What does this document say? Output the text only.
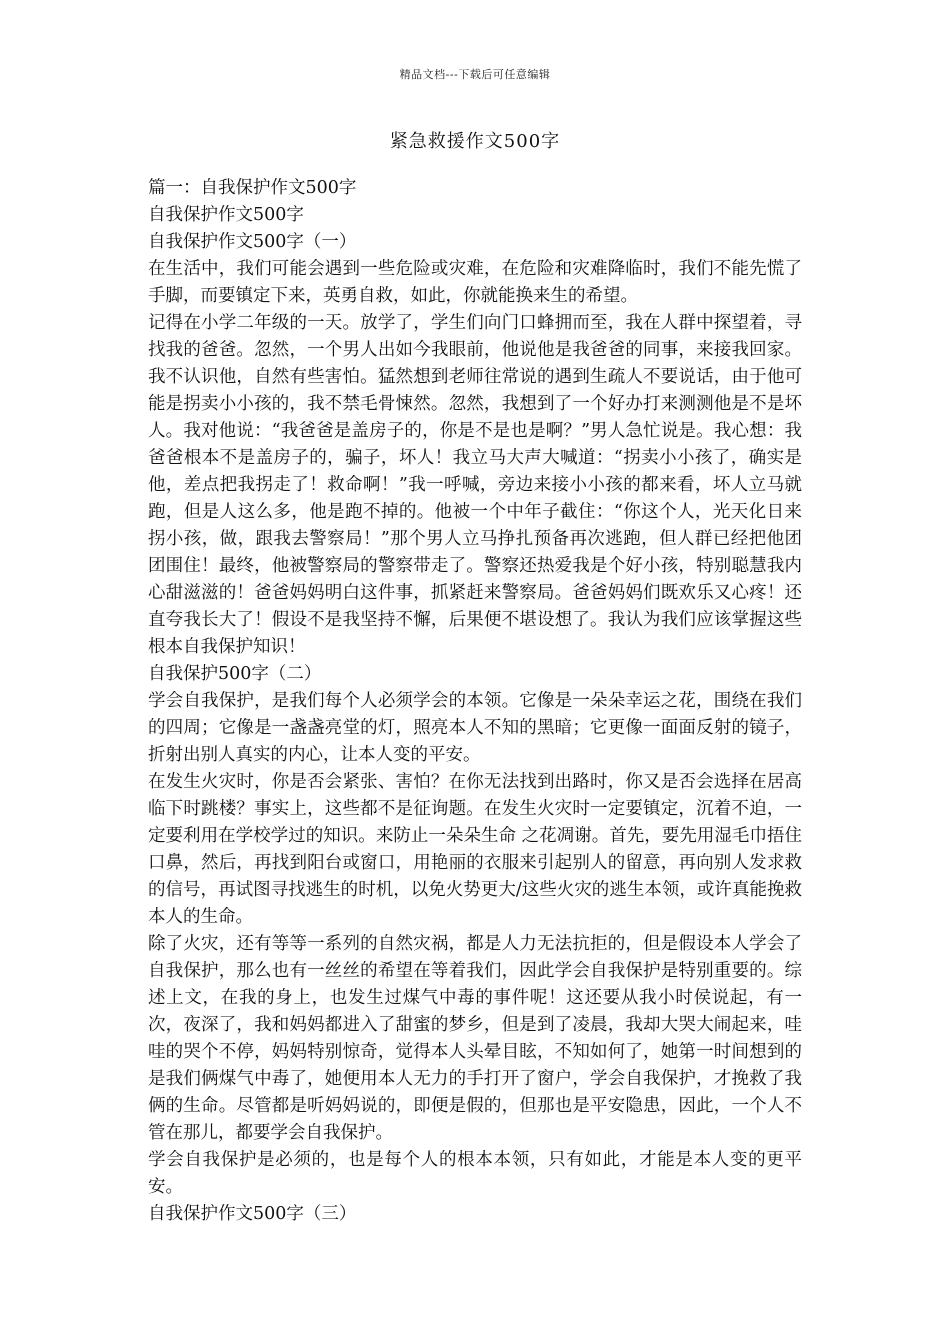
精品文档---下载后可任意编辑
紧急救援作文500字

篇一：自我保护作文500字

自我保护作文500字

自我保护作文500字（一）

在生活中，我们可能会遇到一些危险或灾难，在危险和灾难降临时，我们不能先慌了手脚，而要镇定下来，英勇自救，如此，你就能换来生的希望。

记得在小学二年级的一天。放学了，学生们向门口蜂拥而至，我在人群中探望着，寻找我的爸爸。忽然，一个男人出如今我眼前，他说他是我爸爸的同事，来接我回家。我不认识他，自然有些害怕。猛然想到老师往常说的遇到生疏人不要说话，由于他可能是拐卖小小孩的，我不禁毛骨悚然。忽然，我想到了一个好办打来测测他是不是坏人。我对他说：“我爸爸是盖房子的，你是不是也是啊？”男人急忙说是。我心想：我爸爸根本不是盖房子的，骗子，坏人！我立马大声大喊道：“拐卖小小孩了，确实是他，差点把我拐走了！救命啊！”我一呼喊，旁边来接小小孩的都来看，坏人立马就跑，但是人这么多，他是跑不掉的。他被一个中年子截住：“你这个人，光天化日来拐小孩，做，跟我去警察局！”那个男人立马挣扎预备再次逃跑，但人群已经把他团团围住！最终，他被警察局的警察带走了。警察还热爱我是个好小孩，特别聪慧我内心甜滋滋的！爸爸妈妈明白这件事，抓紧赶来警察局。爸爸妈妈们既欢乐又心疼！还直夸我长大了！假设不是我坚持不懈，后果便不堪设想了。我认为我们应该掌握这些根本自我保护知识！

自我保护500字（二）

学会自我保护，是我们每个人必须学会的本领。它像是一朵朵幸运之花，围绕在我们的四周；它像是一盏盏亮堂的灯，照亮本人不知的黑暗；它更像一面面反射的镜子，折射出别人真实的内心，让本人变的平安。

在发生火灾时，你是否会紧张、害怕？在你无法找到出路时，你又是否会选择在居高临下时跳楼？事实上，这些都不是征询题。在发生火灾时一定要镇定，沉着不迫，一定要利用在学校学过的知识。来防止一朵朵生命 之花凋谢。首先，要先用湿毛巾捂住口鼻，然后，再找到阳台或窗口，用艳丽的衣服来引起别人的留意，再向别人发求救的信号，再试图寻找逃生的时机，以免火势更大/这些火灾的逃生本领，或许真能挽救本人的生命。

除了火灾，还有等等一系列的自然灾祸，都是人力无法抗拒的，但是假设本人学会了自我保护，那么也有一丝丝的希望在等着我们，因此学会自我保护是特别重要的。综述上文，在我的身上，也发生过煤气中毒的事件呢！这还要从我小时侯说起，有一次，夜深了，我和妈妈都进入了甜蜜的梦乡，但是到了凌晨，我却大哭大闹起来，哇哇的哭个不停，妈妈特别惊奇，觉得本人头晕目眩，不知如何了，她第一时间想到的是我们俩煤气中毒了，她便用本人无力的手打开了窗户，学会自我保护，才挽救了我俩的生命。尽管都是听妈妈说的，即便是假的，但那也是平安隐患，因此，一个人不管在那儿，都要学会自我保护。

学会自我保护是必须的，也是每个人的根本本领，只有如此，才能是本人变的更平安。

自我保护作文500字（三）
